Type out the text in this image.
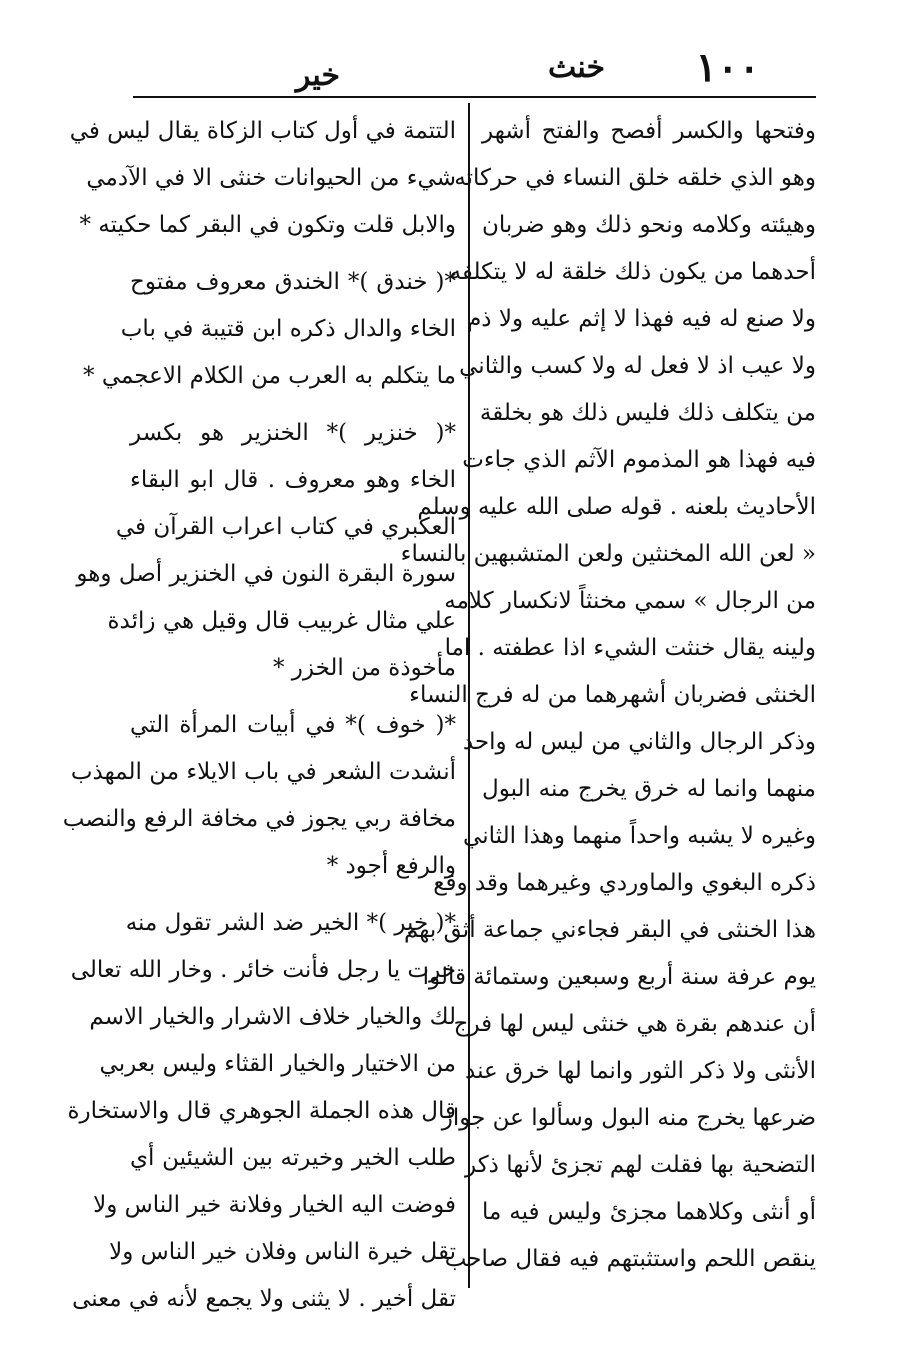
١٠٠
خنث
خير
وفتحها والكسر أفصح والفتح أشهر
وهو الذي خلقه خلق النساء في حركاته
وهيئته وكلامه ونحو ذلك وهو ضربان
أحدهما من يكون ذلك خلقة له لا يتكلفه
ولا صنع له فيه فهذا لا إثم عليه ولا ذم
ولا عيب اذ لا فعل له ولا كسب والثاني
من يتكلف ذلك فليس ذلك هو بخلقة
فيه فهذا هو المذموم الآثم الذي جاءت
الأحاديث بلعنه . قوله صلى الله عليه وسلم
« لعن الله المخنثين ولعن المتشبهين بالنساء
من الرجال » سمي مخنثاً لانكسار كلامه
ولينه يقال خنثت الشيء اذا عطفته . اما
الخنثى فضربان أشهرهما من له فرج النساء
وذكر الرجال والثاني من ليس له واحد
منهما وانما له خرق يخرج منه البول
وغيره لا يشبه واحداً منهما وهذا الثاني
ذكره البغوي والماوردي وغيرهما وقد وقع
هذا الخنثى في البقر فجاءني جماعة أثق بهم
يوم عرفة سنة أربع وسبعين وستمائة قالوا
أن عندهم بقرة هي خنثى ليس لها فرج
الأنثى ولا ذكر الثور وانما لها خرق عند
ضرعها يخرج منه البول وسألوا عن جواز
التضحية بها فقلت لهم تجزئ لأنها ذكر
أو أنثى وكلاهما مجزئ وليس فيه ما
ينقص اللحم واستثبتهم فيه فقال صاحب
التتمة في أول كتاب الزكاة يقال ليس في
شيء من الحيوانات خنثى الا في الآدمي
والابل قلت وتكون في البقر كما حكيته *
*( خندق )* الخندق معروف مفتوح
الخاء والدال ذكره ابن قتيبة في باب
ما يتكلم به العرب من الكلام الاعجمي *
*( خنزير )* الخنزير هو بكسر
الخاء وهو معروف . قال ابو البقاء
العكبري في كتاب اعراب القرآن في
سورة البقرة النون في الخنزير أصل وهو
علي مثال غربيب قال وقيل هي زائدة
مأخوذة من الخزر *
*( خوف )* في أبيات المرأة التي
أنشدت الشعر في باب الايلاء من المهذب
مخافة ربي يجوز في مخافة الرفع والنصب
والرفع أجود *
*( خير )* الخير ضد الشر تقول منه
خرت يا رجل فأنت خائر . وخار الله تعالى
لك والخيار خلاف الاشرار والخيار الاسم
من الاختيار والخيار القثاء وليس بعربي
قال هذه الجملة الجوهري قال والاستخارة
طلب الخير وخيرته بين الشيئين أي
فوضت اليه الخيار وفلانة خير الناس ولا
تقل خيرة الناس وفلان خير الناس ولا
تقل أخير . لا يثنى ولا يجمع لأنه في معنى
